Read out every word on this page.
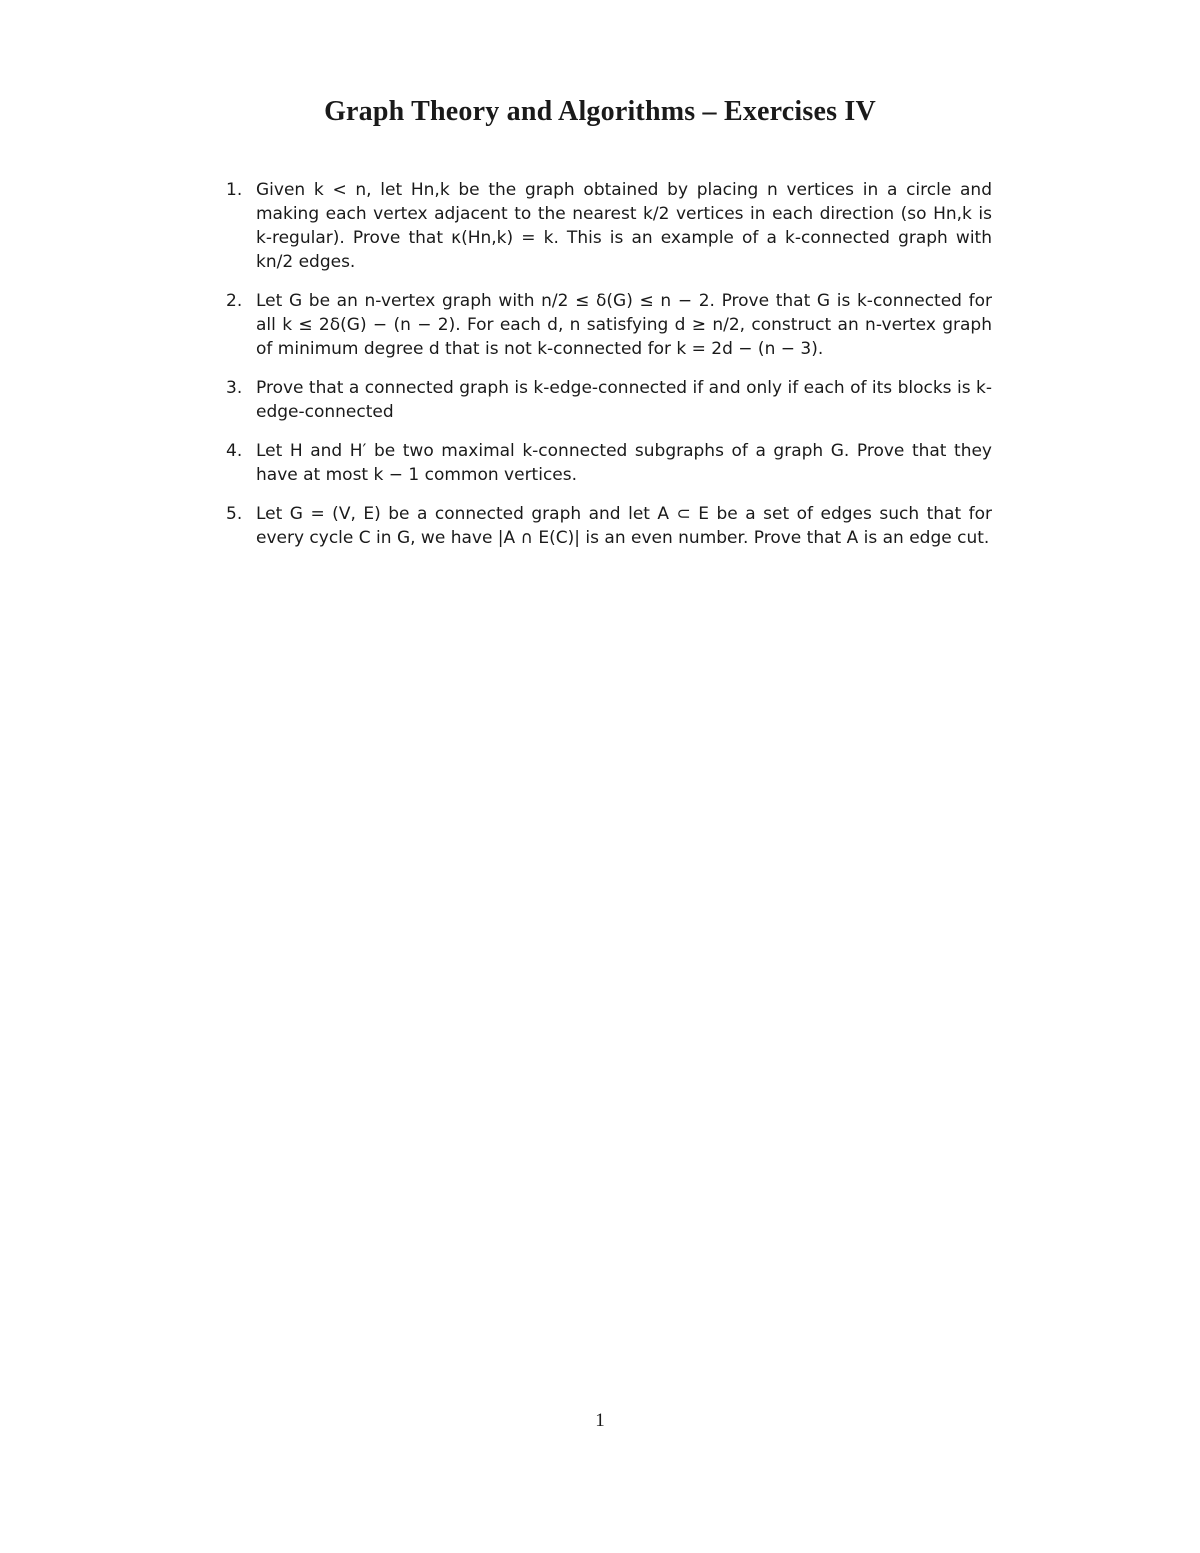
Graph Theory and Algorithms – Exercises IV
1. Given k < n, let Hn,k be the graph obtained by placing n vertices in a circle and making each vertex adjacent to the nearest k/2 vertices in each direction (so Hn,k is k-regular). Prove that κ(Hn,k) = k. This is an example of a k-connected graph with kn/2 edges.

2. Let G be an n-vertex graph with n/2 ≤ δ(G) ≤ n − 2. Prove that G is k-connected for all k ≤ 2δ(G) − (n − 2). For each d, n satisfying d ≥ n/2, construct an n-vertex graph of minimum degree d that is not k-connected for k = 2d − (n − 3).

3. Prove that a connected graph is k-edge-connected if and only if each of its blocks is k-edge-connected

4. Let H and H′ be two maximal k-connected subgraphs of a graph G. Prove that they have at most k − 1 common vertices.

5. Let G = (V, E) be a connected graph and let A ⊂ E be a set of edges such that for every cycle C in G, we have |A ∩ E(C)| is an even number. Prove that A is an edge cut.

1
